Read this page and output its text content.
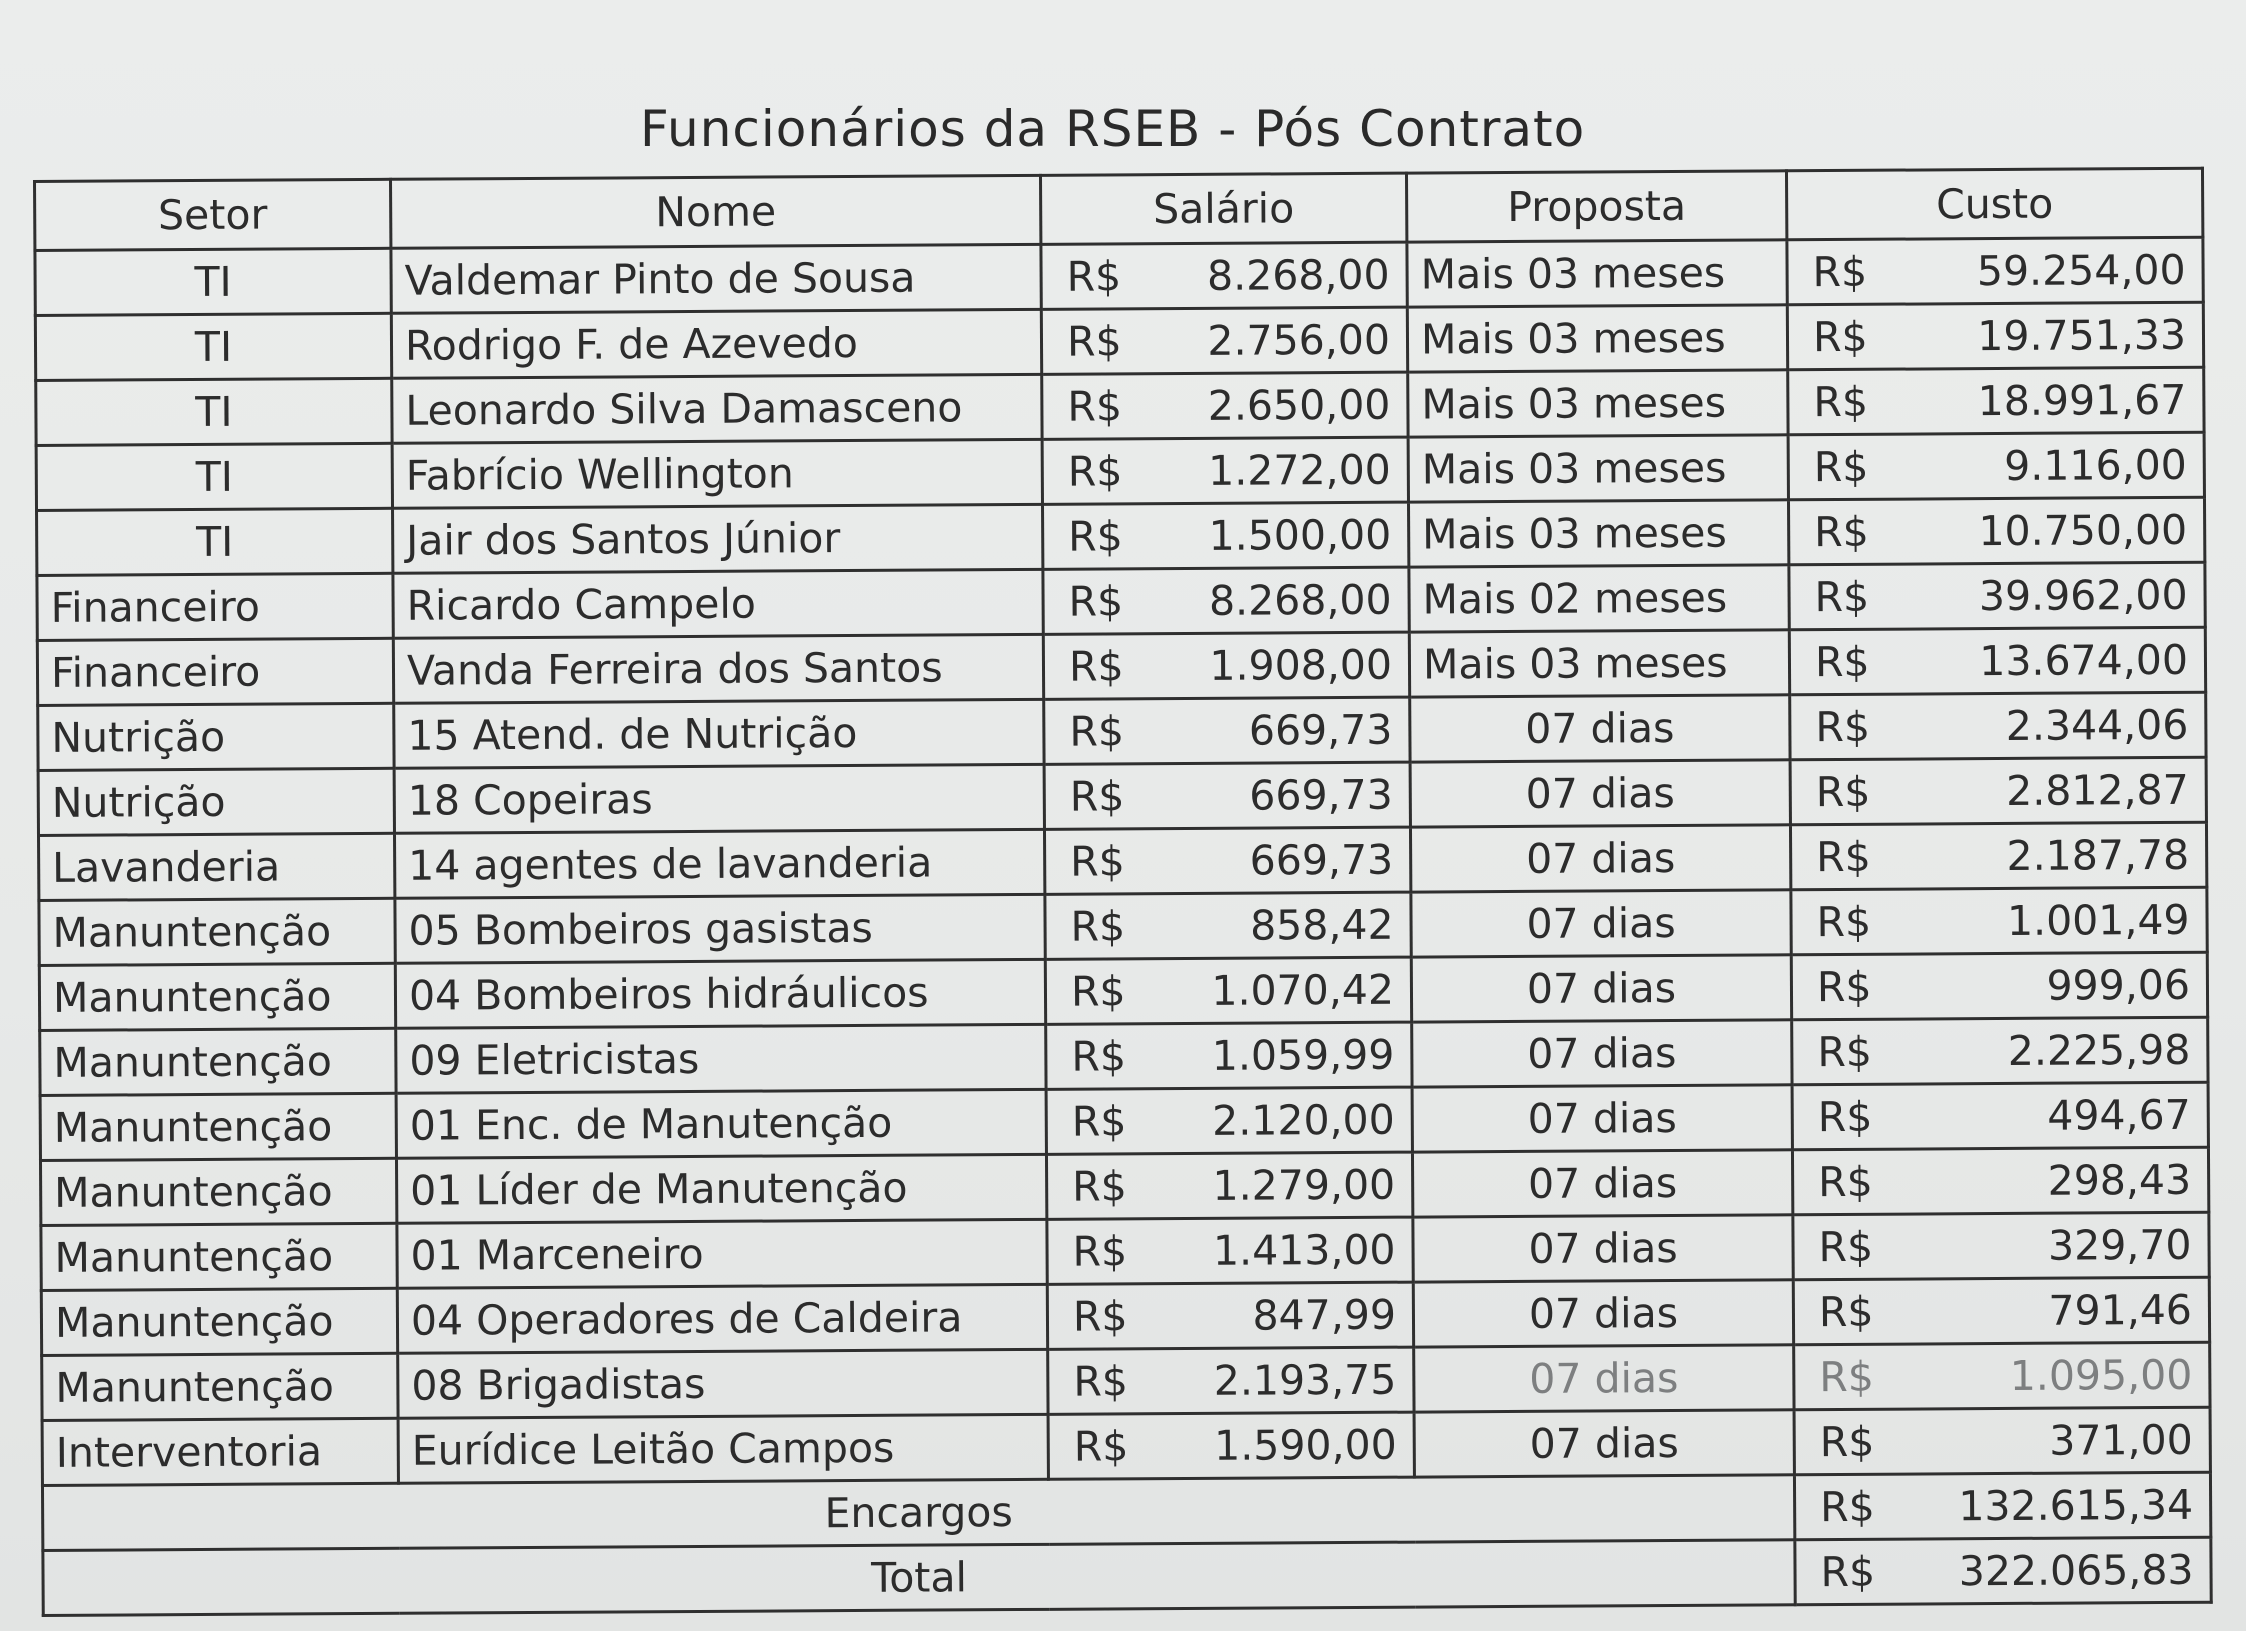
Funcionários da RSEB - Pós Contrato
Setor	Nome	Salário	Proposta	Custo
TI	Valdemar Pinto de Sousa	R$ 8.268,00	Mais 03 meses	R$ 59.254,00

TI	Rodrigo F. de Azevedo	R$ 2.756,00	Mais 03 meses	R$ 19.751,33

TI	Leonardo Silva Damasceno	R$ 2.650,00	Mais 03 meses	R$ 18.991,67

TI	Fabrício Wellington	R$ 1.272,00	Mais 03 meses	R$ 9.116,00

TI	Jair dos Santos Júnior	R$ 1.500,00	Mais 03 meses	R$ 10.750,00

Financeiro	Ricardo Campelo	R$ 8.268,00	Mais 02 meses	R$ 39.962,00

Financeiro	Vanda Ferreira dos Santos	R$ 1.908,00	Mais 03 meses	R$ 13.674,00

Nutrição	15 Atend. de Nutrição	R$ 669,73	07 dias	R$ 2.344,06

Nutrição	18 Copeiras	R$ 669,73	07 dias	R$ 2.812,87

Lavanderia	14 agentes de lavanderia	R$ 669,73	07 dias	R$ 2.187,78

Manuntenção	05 Bombeiros gasistas	R$ 858,42	07 dias	R$ 1.001,49

Manuntenção	04 Bombeiros hidráulicos	R$ 1.070,42	07 dias	R$ 999,06

Manuntenção	09 Eletricistas	R$ 1.059,99	07 dias	R$ 2.225,98

Manuntenção	01 Enc. de Manutenção	R$ 2.120,00	07 dias	R$ 494,67

Manuntenção	01 Líder de Manutenção	R$ 1.279,00	07 dias	R$ 298,43

Manuntenção	01 Marceneiro	R$ 1.413,00	07 dias	R$ 329,70

Manuntenção	04 Operadores de Caldeira	R$ 847,99	07 dias	R$ 791,46

Manuntenção	08 Brigadistas	R$ 2.193,75	07 dias	R$ 1.095,00

Interventoria	Eurídice Leitão Campos	R$ 1.590,00	07 dias	R$ 371,00

Encargos				R$ 132.615,34

Total				R$ 322.065,83
